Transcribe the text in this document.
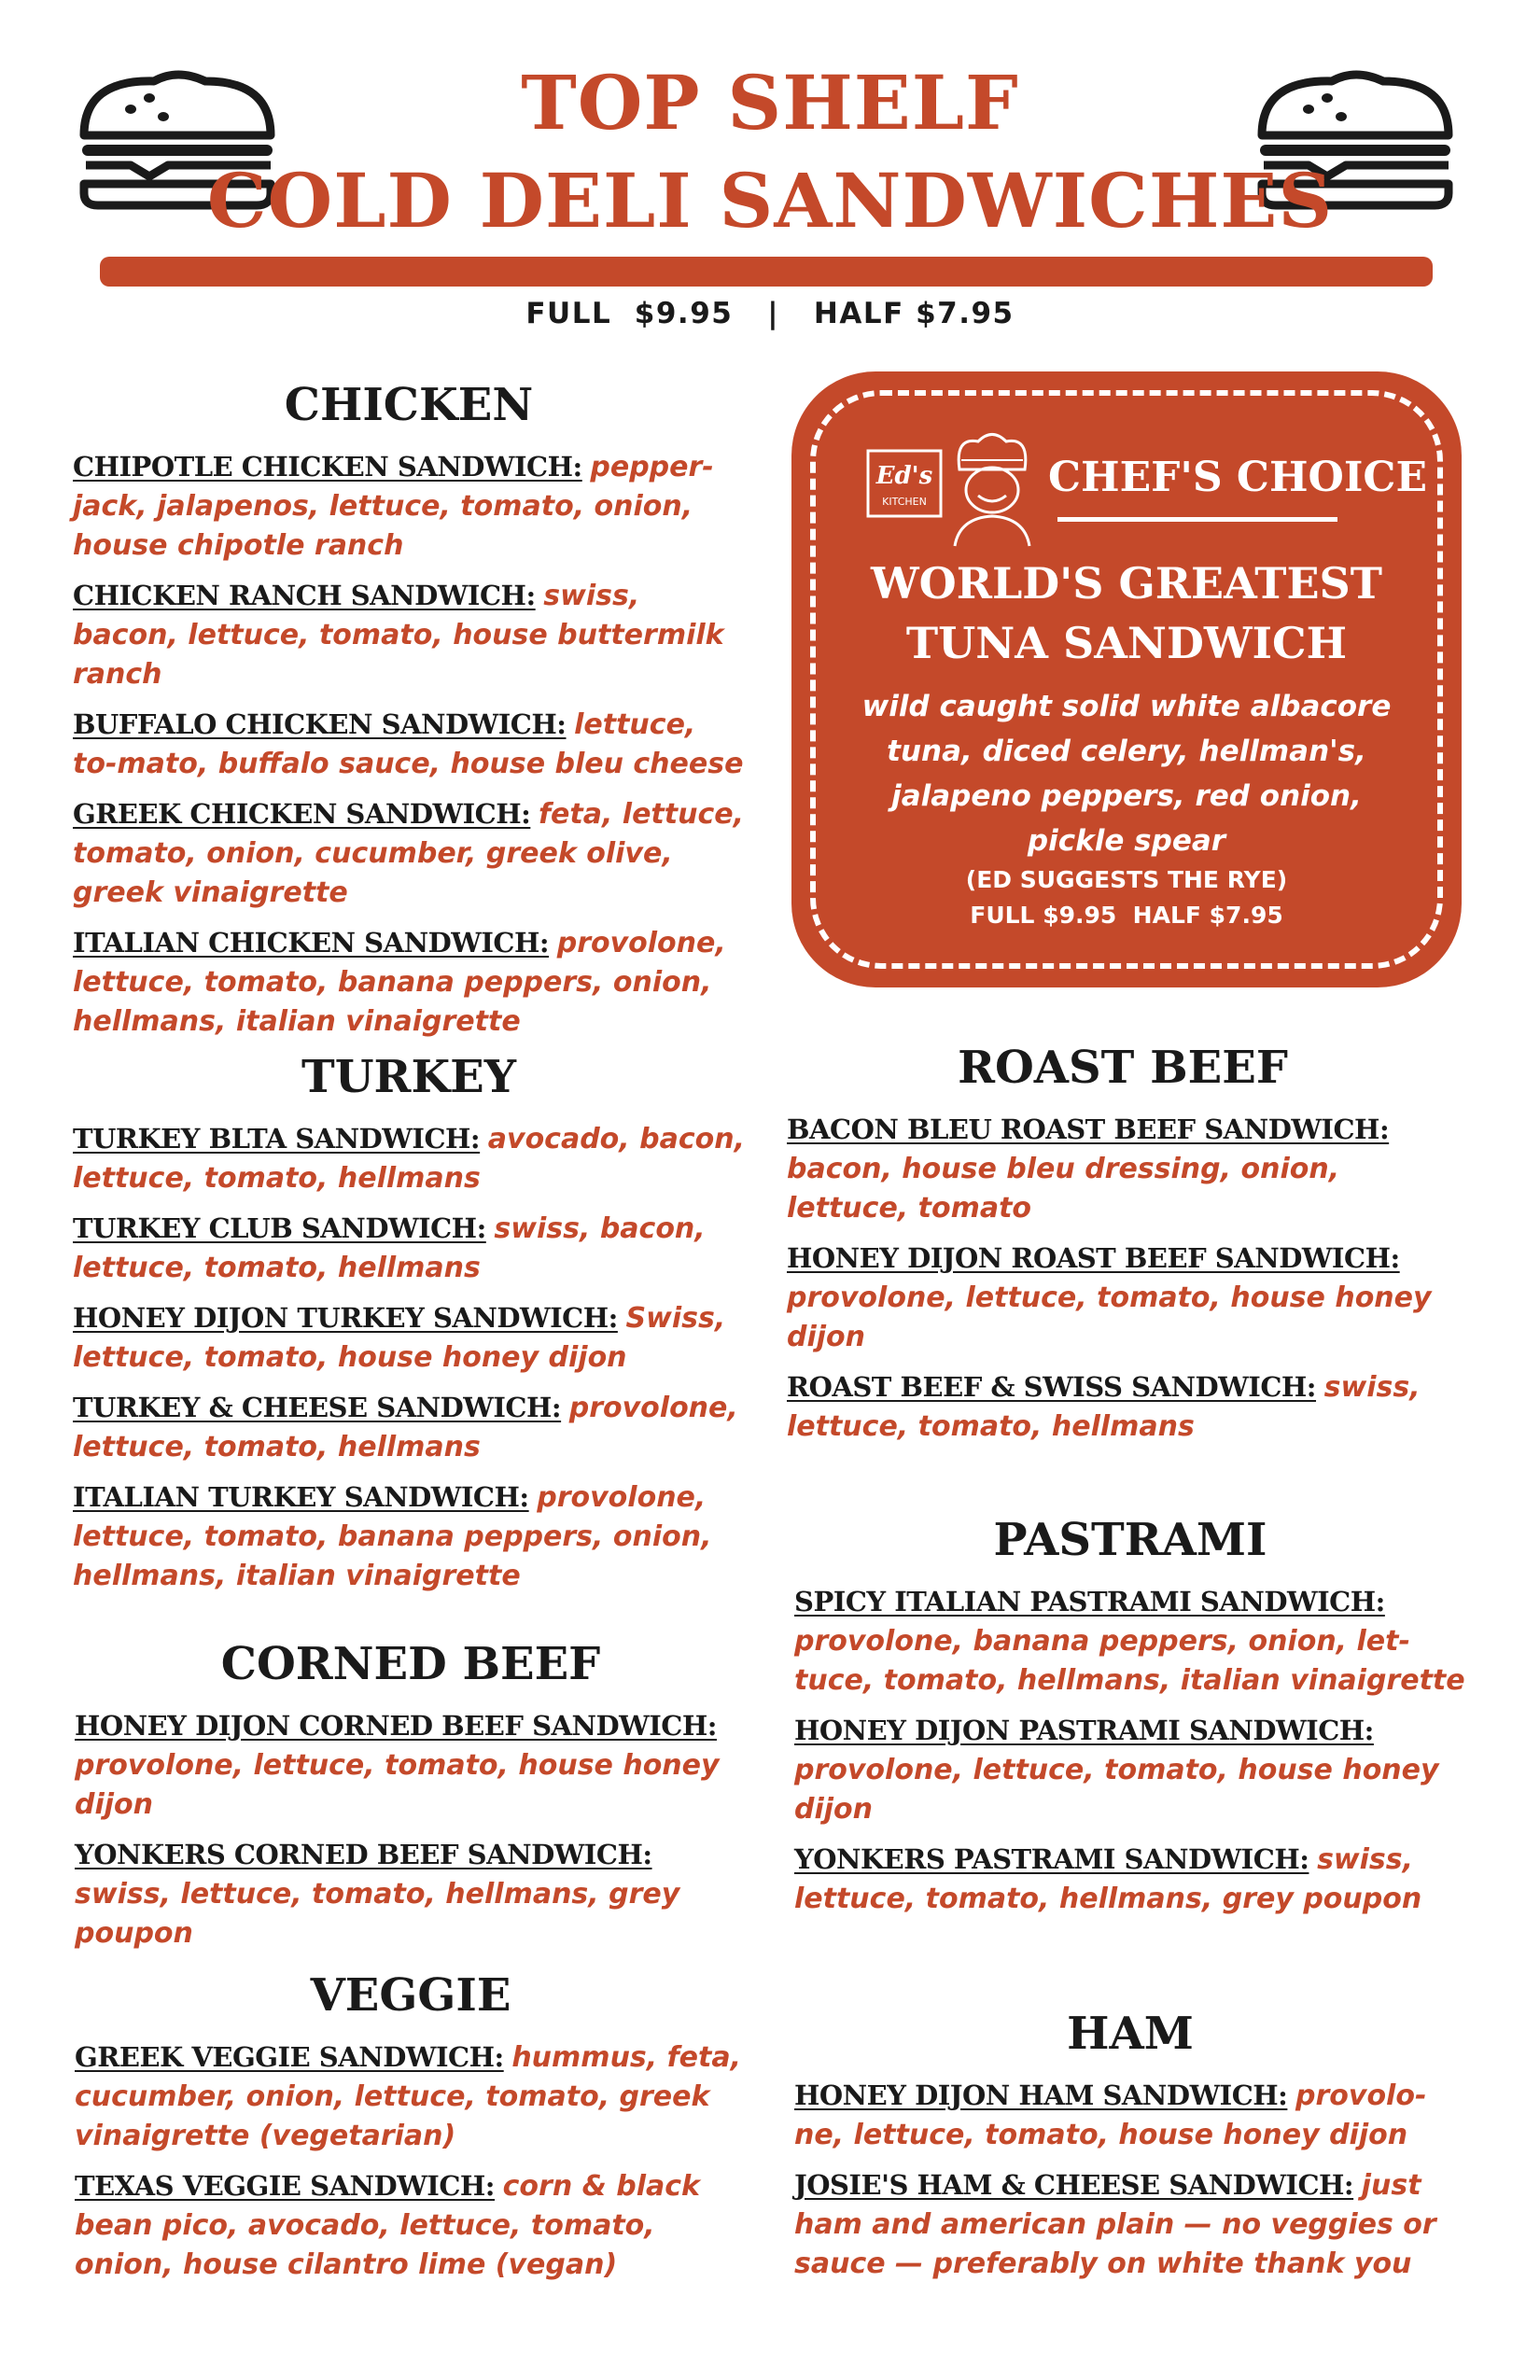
TOP SHELF
COLD DELI SANDWICHES
FULL  $9.95   |   HALF $7.95
CHICKEN
CHIPOTLE CHICKEN SANDWICH: pepper-jack, jalapenos, lettuce, tomato, onion, house chipotle ranch
CHICKEN RANCH SANDWICH: swiss, bacon, lettuce, tomato, house buttermilk ranch
BUFFALO CHICKEN SANDWICH: lettuce, to-mato, buffalo sauce, house bleu cheese
GREEK CHICKEN SANDWICH: feta, lettuce, tomato, onion, cucumber, greek olive, greek vinaigrette
ITALIAN CHICKEN SANDWICH: provolone, lettuce, tomato, banana peppers, onion, hellmans, italian vinaigrette
Ed's
KITCHEN
CHEF'S CHOICE
WORLD'S GREATEST
TUNA SANDWICH
wild caught solid white albacore
tuna, diced celery, hellman's,
jalapeno peppers, red onion,
pickle spear
(ED SUGGESTS THE RYE)
FULL $9.95  HALF $7.95
TURKEY
TURKEY BLTA SANDWICH: avocado, bacon, lettuce, tomato, hellmans
TURKEY CLUB SANDWICH: swiss, bacon, lettuce, tomato, hellmans
HONEY DIJON TURKEY SANDWICH: Swiss, lettuce, tomato, house honey dijon
TURKEY & CHEESE SANDWICH: provolone, lettuce, tomato, hellmans
ITALIAN TURKEY SANDWICH: provolone, lettuce, tomato, banana peppers, onion, hellmans, italian vinaigrette
CORNED BEEF
HONEY DIJON CORNED BEEF SANDWICH: provolone, lettuce, tomato, house honey dijon
YONKERS CORNED BEEF SANDWICH: swiss, lettuce, tomato, hellmans, grey poupon
VEGGIE
GREEK VEGGIE SANDWICH: hummus, feta, cucumber, onion, lettuce, tomato, greek vinaigrette (vegetarian)
TEXAS VEGGIE SANDWICH: corn & black bean pico, avocado, lettuce, tomato, onion, house cilantro lime (vegan)
ROAST BEEF
BACON BLEU ROAST BEEF SANDWICH: bacon, house bleu dressing, onion, lettuce, tomato
HONEY DIJON ROAST BEEF SANDWICH: provolone, lettuce, tomato, house honey dijon
ROAST BEEF & SWISS SANDWICH: swiss, lettuce, tomato, hellmans
PASTRAMI
SPICY ITALIAN PASTRAMI SANDWICH: provolone, banana peppers, onion, let-tuce, tomato, hellmans, italian vinaigrette
HONEY DIJON PASTRAMI SANDWICH: provolone, lettuce, tomato, house honey dijon
YONKERS PASTRAMI SANDWICH: swiss, lettuce, tomato, hellmans, grey poupon
HAM
HONEY DIJON HAM SANDWICH: provolo-ne, lettuce, tomato, house honey dijon
JOSIE'S HAM & CHEESE SANDWICH: just ham and american plain — no veggies or sauce — preferably on white thank you
